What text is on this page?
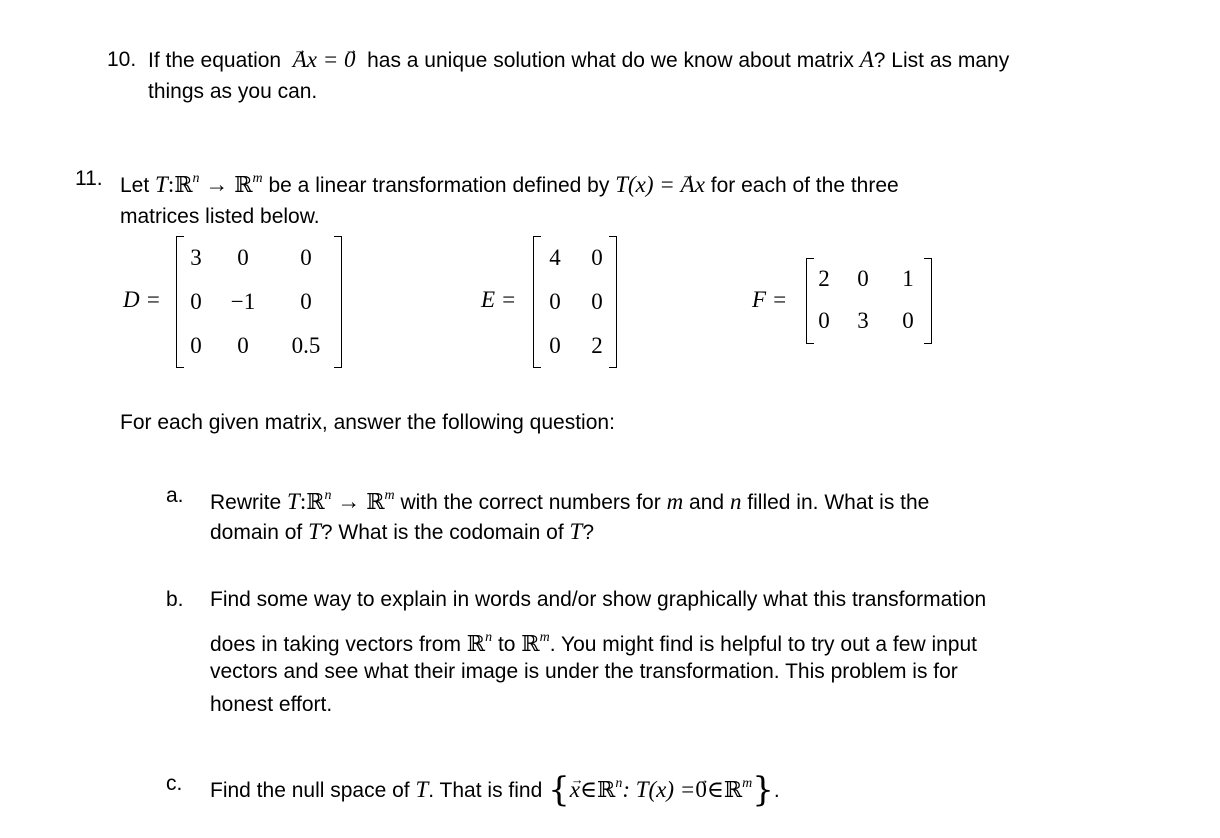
10. If the equation → Ax = → 0 has a unique solution what do we know about matrix A? List as many
things as you can.
11. Let T:ℝ$^n$ → ℝ$^m$ be a linear transformation defined by T(x) = → Ax for each of the three
matrices listed below.
D =
3	0	0
0	−1	0
0	0	0.5
E =
4	0
0	0
0	2
F =
2	0	1
0	3	0
For each given matrix, answer the following question:
a. Rewrite T:ℝ$^n$ → ℝ$^m$ with the correct numbers for m and n filled in. What is the
domain of T? What is the codomain of T?
b. Find some way to explain in words and/or show graphically what this transformation
does in taking vectors from ℝ$^n$ to ℝ$^m$. You might find is helpful to try out a few input
vectors and see what their image is under the transformation. This problem is for
honest effort.
c. Find the null space of T. That is find {→ x∈ℝ$^n$: T(x) =→ 0∈ℝ$^m$}.
